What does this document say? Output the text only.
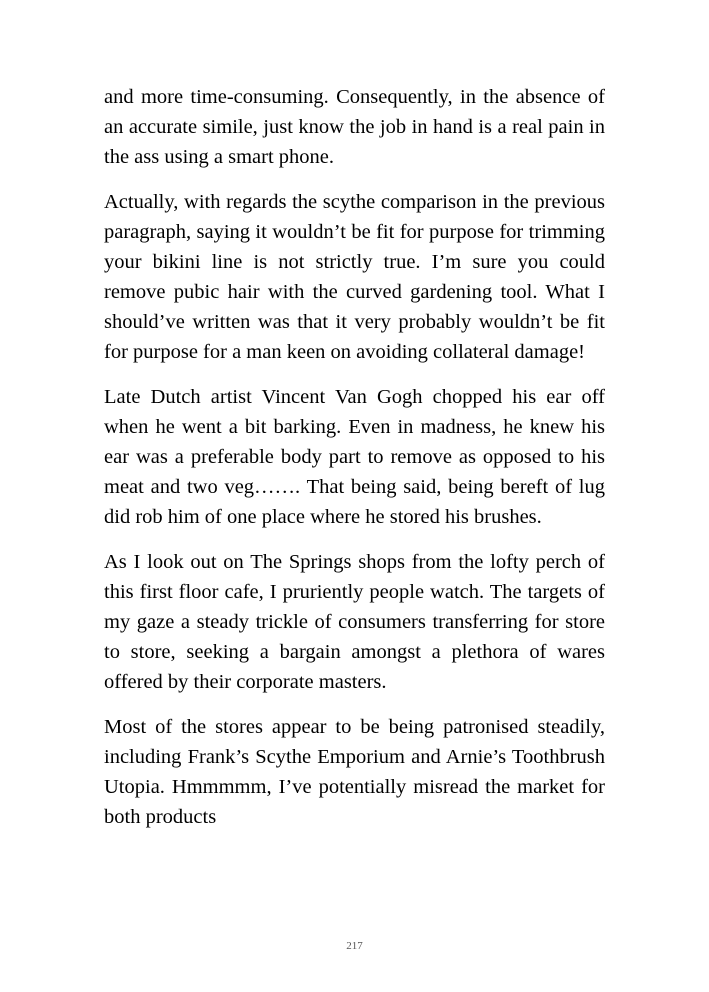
and more time-consuming. Consequently, in the absence of an accurate simile, just know the job in hand is a real pain in the ass using a smart phone.

Actually, with regards the scythe comparison in the previous paragraph, saying it wouldn’t be fit for purpose for trimming your bikini line is not strictly true. I’m sure you could remove pubic hair with the curved gardening tool. What I should’ve written was that it very probably wouldn’t be fit for purpose for a man keen on avoiding collateral damage!

Late Dutch artist Vincent Van Gogh chopped his ear off when he went a bit barking. Even in madness, he knew his ear was a preferable body part to remove as opposed to his meat and two veg……. That being said, being bereft of lug did rob him of one place where he stored his brushes.

As I look out on The Springs shops from the lofty perch of this first floor cafe, I pruriently people watch. The targets of my gaze a steady trickle of consumers transferring for store to store, seeking a bargain amongst a plethora of wares offered by their corporate masters.

Most of the stores appear to be being patronised steadily, including Frank’s Scythe Emporium and Arnie’s Toothbrush Utopia. Hmmmmm, I’ve potentially misread the market for both products

217
